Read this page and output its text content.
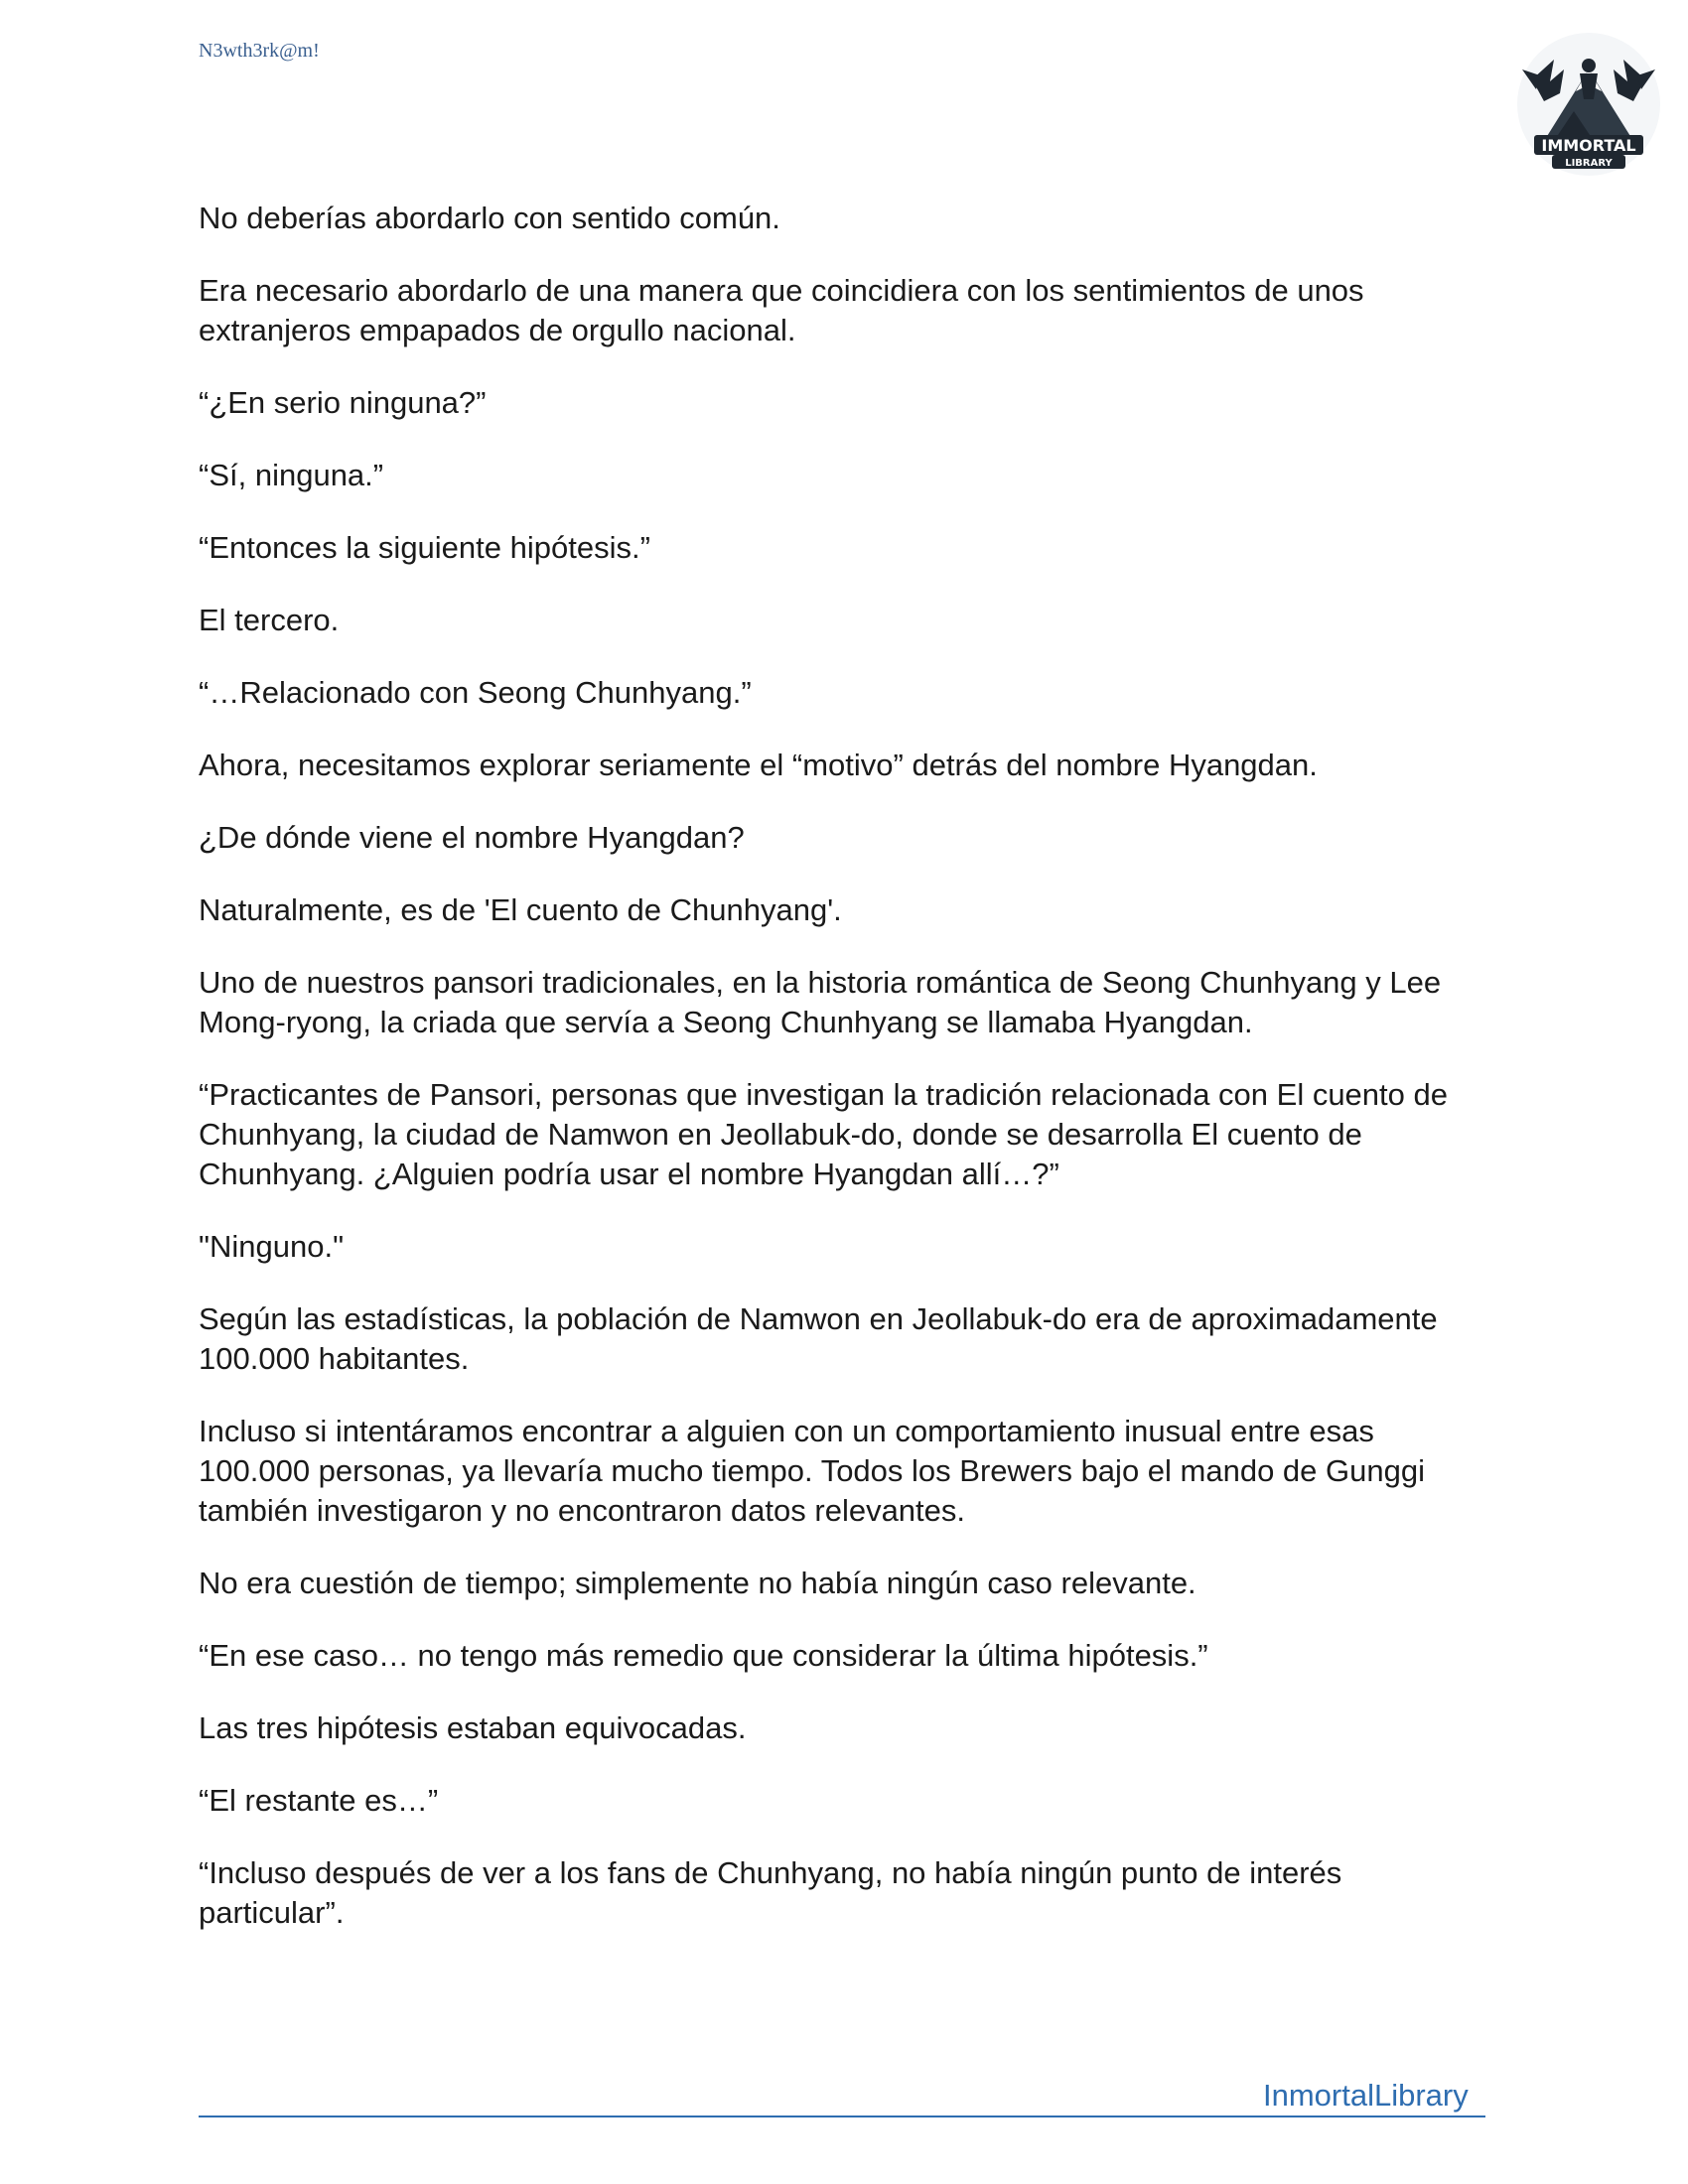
N3wth3rk@m!
IMMORTAL
LIBRARY

No deberías abordarlo con sentido común.

Era necesario abordarlo de una manera que coincidiera con los sentimientos de unos extranjeros empapados de orgullo nacional.

“¿En serio ninguna?”

“Sí, ninguna.”

“Entonces la siguiente hipótesis.”

El tercero.

“…Relacionado con Seong Chunhyang.”

Ahora, necesitamos explorar seriamente el “motivo” detrás del nombre Hyangdan.

¿De dónde viene el nombre Hyangdan?

Naturalmente, es de 'El cuento de Chunhyang'.

Uno de nuestros pansori tradicionales, en la historia romántica de Seong Chunhyang y Lee Mong-ryong, la criada que servía a Seong Chunhyang se llamaba Hyangdan.

“Practicantes de Pansori, personas que investigan la tradición relacionada con El cuento de Chunhyang, la ciudad de Namwon en Jeollabuk-do, donde se desarrolla El cuento de Chunhyang. ¿Alguien podría usar el nombre Hyangdan allí…?”

"Ninguno."

Según las estadísticas, la población de Namwon en Jeollabuk-do era de aproximadamente 100.000 habitantes.

Incluso si intentáramos encontrar a alguien con un comportamiento inusual entre esas 100.000 personas, ya llevaría mucho tiempo. Todos los Brewers bajo el mando de Gunggi también investigaron y no encontraron datos relevantes.

No era cuestión de tiempo; simplemente no había ningún caso relevante.

“En ese caso… no tengo más remedio que considerar la última hipótesis.”

Las tres hipótesis estaban equivocadas.

“El restante es…”

“Incluso después de ver a los fans de Chunhyang, no había ningún punto de interés particular”.

InmortalLibrary
